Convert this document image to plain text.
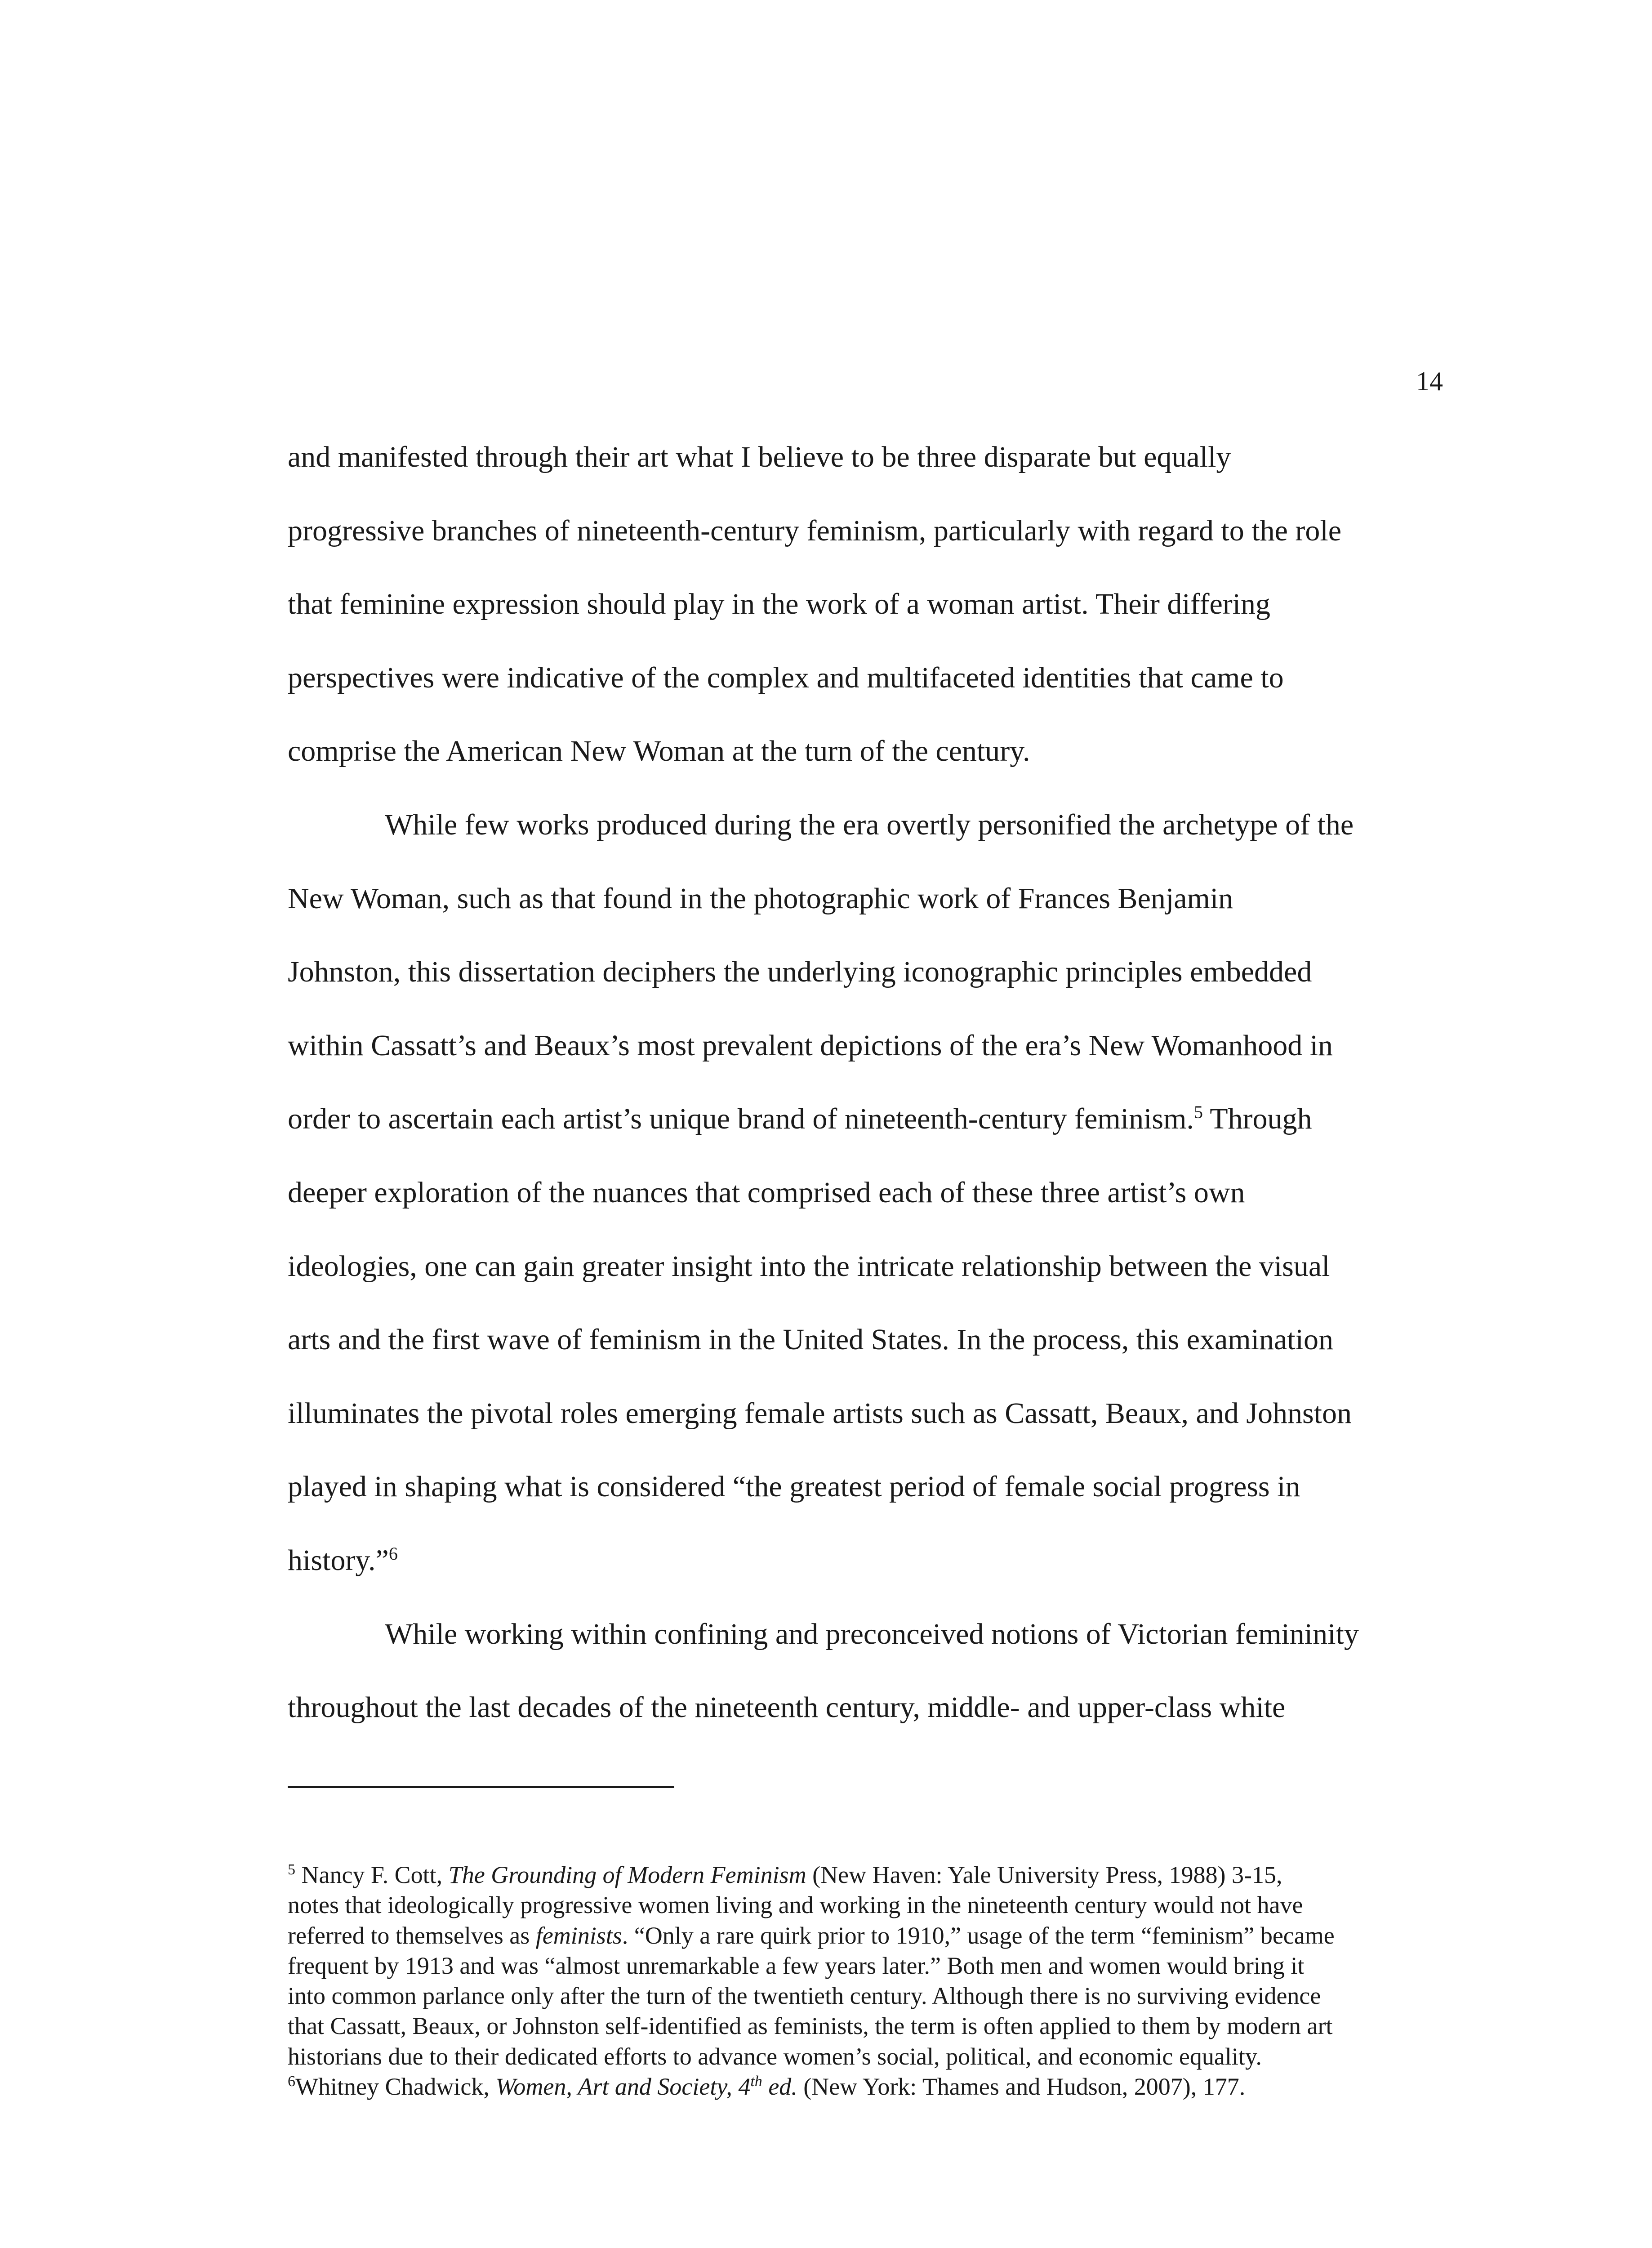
14
and manifested through their art what I believe to be three disparate but equally
progressive branches of nineteenth-century feminism, particularly with regard to the role
that feminine expression should play in the work of a woman artist. Their differing
perspectives were indicative of the complex and multifaceted identities that came to
comprise the American New Woman at the turn of the century.
While few works produced during the era overtly personified the archetype of the
New Woman, such as that found in the photographic work of Frances Benjamin
Johnston, this dissertation deciphers the underlying iconographic principles embedded
within Cassatt’s and Beaux’s most prevalent depictions of the era’s New Womanhood in
order to ascertain each artist’s unique brand of nineteenth-century feminism.$^5$ Through
deeper exploration of the nuances that comprised each of these three artist’s own
ideologies, one can gain greater insight into the intricate relationship between the visual
arts and the first wave of feminism in the United States. In the process, this examination
illuminates the pivotal roles emerging female artists such as Cassatt, Beaux, and Johnston
played in shaping what is considered “the greatest period of female social progress in
history.”$^6$
While working within confining and preconceived notions of Victorian femininity
throughout the last decades of the nineteenth century, middle- and upper-class white
$^5$ Nancy F. Cott, The Grounding of Modern Feminism (New Haven: Yale University Press, 1988) 3-15,
notes that ideologically progressive women living and working in the nineteenth century would not have
referred to themselves as feminists. “Only a rare quirk prior to 1910,” usage of the term “feminism” became
frequent by 1913 and was “almost unremarkable a few years later.” Both men and women would bring it
into common parlance only after the turn of the twentieth century. Although there is no surviving evidence
that Cassatt, Beaux, or Johnston self-identified as feminists, the term is often applied to them by modern art
historians due to their dedicated efforts to advance women’s social, political, and economic equality.
$^6$Whitney Chadwick, Women, Art and Society, 4th ed. (New York: Thames and Hudson, 2007), 177.
